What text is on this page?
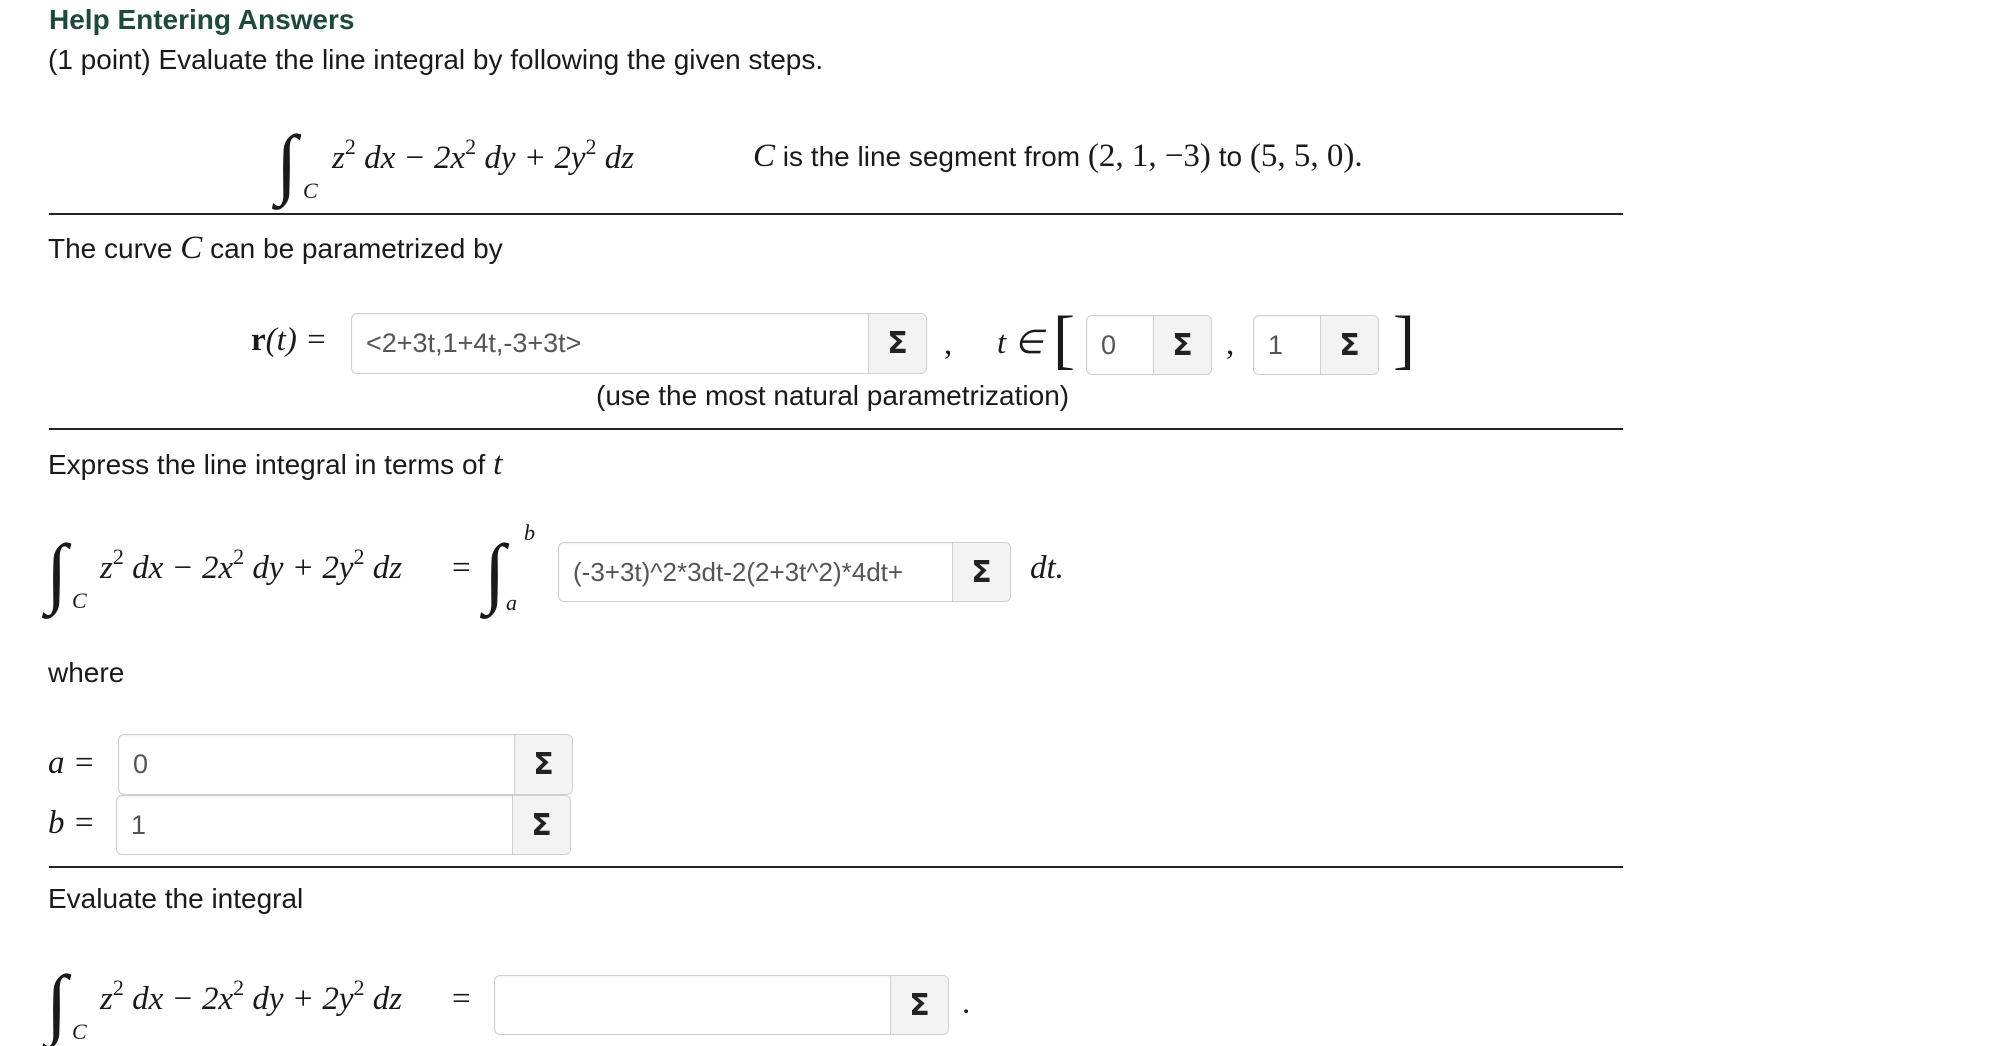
Help Entering Answers
(1 point) Evaluate the line integral by following the given steps.
∫ C
$z^2$ dx − $2x^2$ dy + $2y^2$ dz	C is the line segment from (2, 1, −3) to (5, 5, 0).
The curve C can be parametrized by
r(t) =	<2+3t,1+4t,-3+3t>	Σ	, t ∈ [ 0	Σ	,	1	Σ ]
(use the most natural parametrization)
Express the line integral in terms of t
∫ C
$z^2$ dx − $2x^2$ dy + $2y^2$ dz = ∫ b
a
(-3+3t)^2*3dt-2(2+3t^2)*4dt+	Σ	dt.
where
a =	0	Σ
b =	1	Σ
Evaluate the integral
∫ C
$z^2$ dx − $2x^2$ dy + $2y^2$ dz =	Σ .
